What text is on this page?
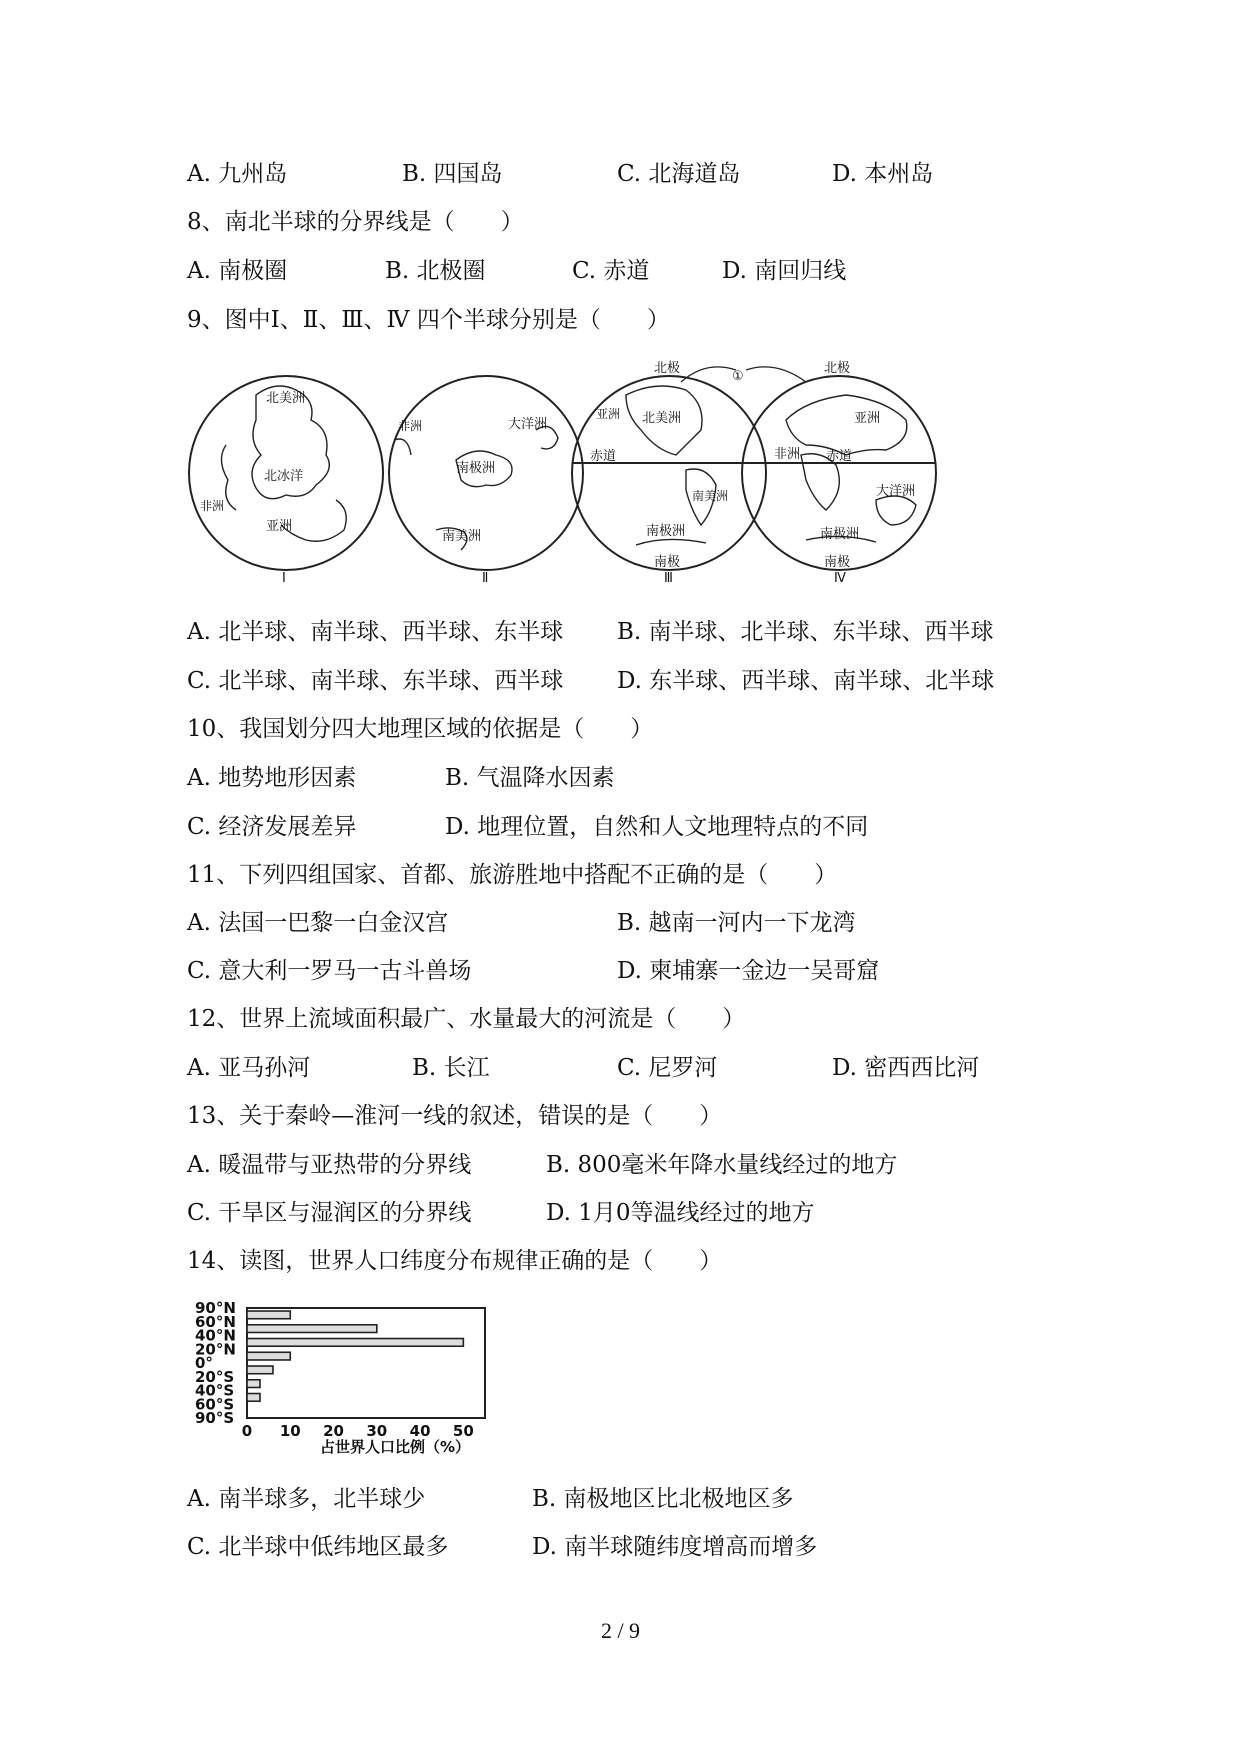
A. 九州岛	B. 四国岛	C. 北海道岛	D. 本州岛
8、南北半球的分界线是（　　）
A. 南极圈	B. 北极圈	C. 赤道	D. 南回归线
9、图中Ⅰ、Ⅱ、Ⅲ、Ⅳ 四个半球分别是（　　）
北美洲
北冰洋
非洲
亚洲
Ⅰ
非洲	大洋洲
南极洲
南美洲
Ⅱ
北极
亚洲 北美洲
赤道
南美洲
南极洲
南极
Ⅲ
北极
亚洲
非洲 赤道
大洋洲
南极洲
南极
Ⅳ
①
A. 北半球、南半球、西半球、东半球 B. 南半球、北半球、东半球、西半球
C. 北半球、南半球、东半球、西半球 D. 东半球、西半球、南半球、北半球
10、我国划分四大地理区域的依据是（　　）
A. 地势地形因素	B. 气温降水因素
C. 经济发展差异	D. 地理位置，自然和人文地理特点的不同
11、下列四组国家、首都、旅游胜地中搭配不正确的是（　　）
A. 法国一巴黎一白金汉宫	B. 越南一河内一下龙湾
C. 意大利一罗马一古斗兽场	D. 柬埔寨一金边一吴哥窟
12、世界上流域面积最广、水量最大的河流是（　　）
A. 亚马孙河	B. 长江	C. 尼罗河	D. 密西西比河
13、关于秦岭—淮河一线的叙述，错误的是（　　）
A. 暖温带与亚热带的分界线	B. 800毫米年降水量线经过的地方
C. 干旱区与湿润区的分界线	D. 1月0等温线经过的地方
14、读图，世界人口纬度分布规律正确的是（　　）
90°N
60°N
40°N
20°N
0°
20°S
40°S
60°S
90°S
0 10 20 30 40 50
占世界人口比例（%）
A. 南半球多，北半球少	B. 南极地区比北极地区多
C. 北半球中低纬地区最多	D. 南半球随纬度增高而增多
2 / 9
